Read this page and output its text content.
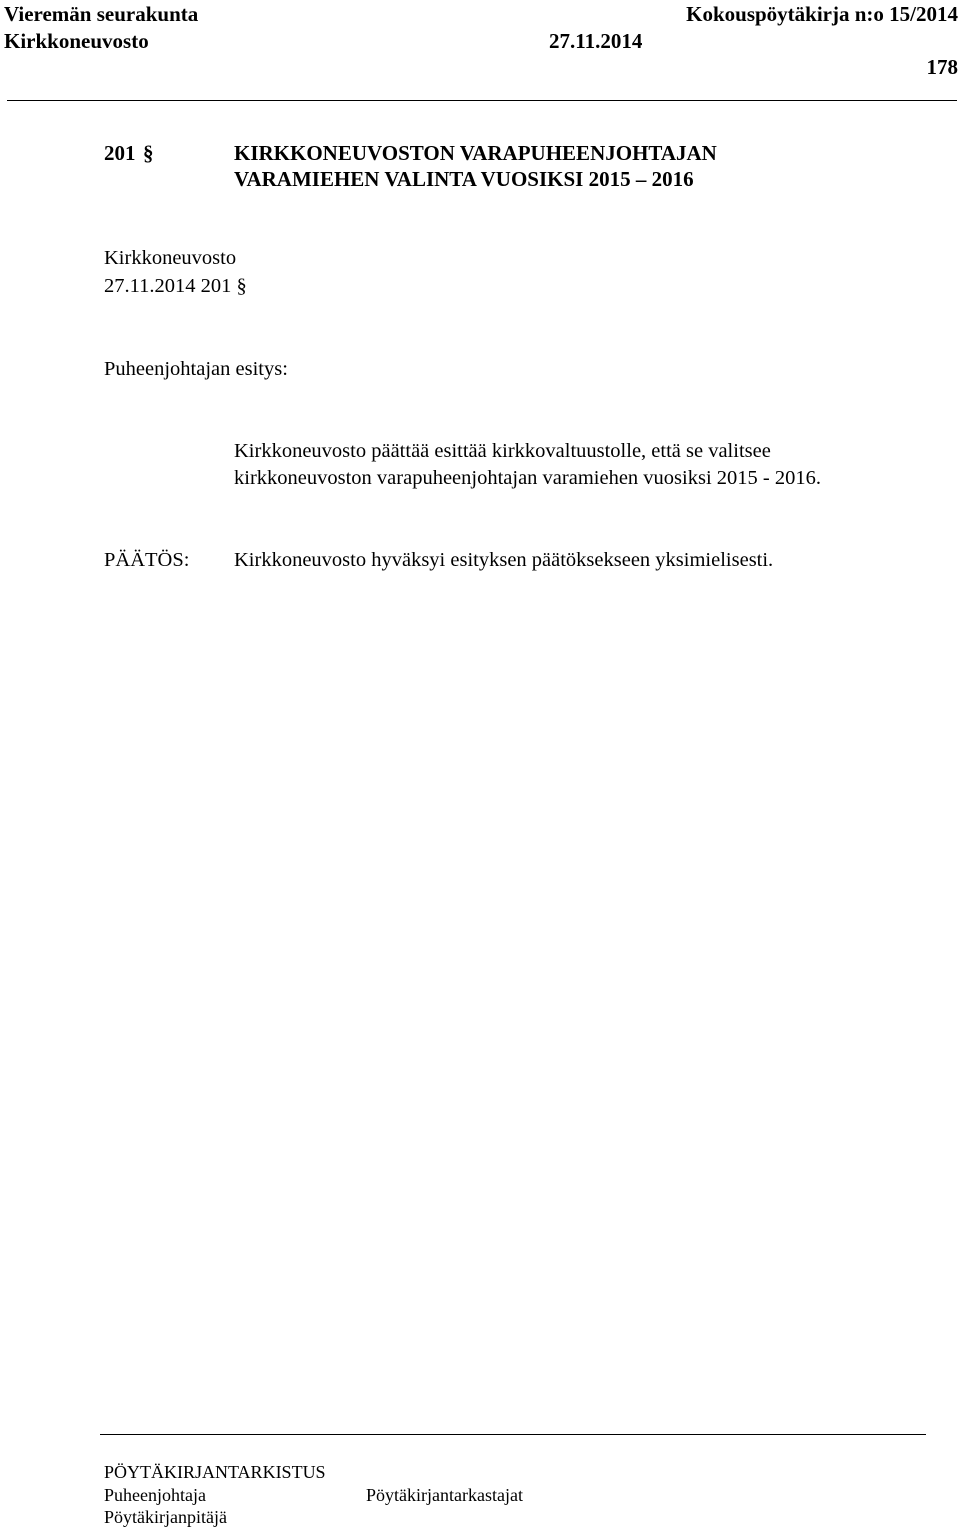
Vieremän seurakunta	Kokouspöytäkirja n:o 15/2014
Kirkkoneuvosto	27.11.2014
178
201 §	KIRKKONEUVOSTON VARAPUHEENJOHTAJAN
VARAMIEHEN VALINTA VUOSIKSI 2015 – 2016
Kirkkoneuvosto
27.11.2014 201 §
Puheenjohtajan esitys:
Kirkkoneuvosto päättää esittää kirkkovaltuustolle, että se valitsee
kirkkoneuvoston varapuheenjohtajan varamiehen vuosiksi 2015 - 2016.
PÄÄTÖS: Kirkkoneuvosto hyväksyi esityksen päätöksekseen yksimielisesti.
PÖYTÄKIRJANTARKISTUS
Puheenjohtaja	Pöytäkirjantarkastajat
Pöytäkirjanpitäjä
